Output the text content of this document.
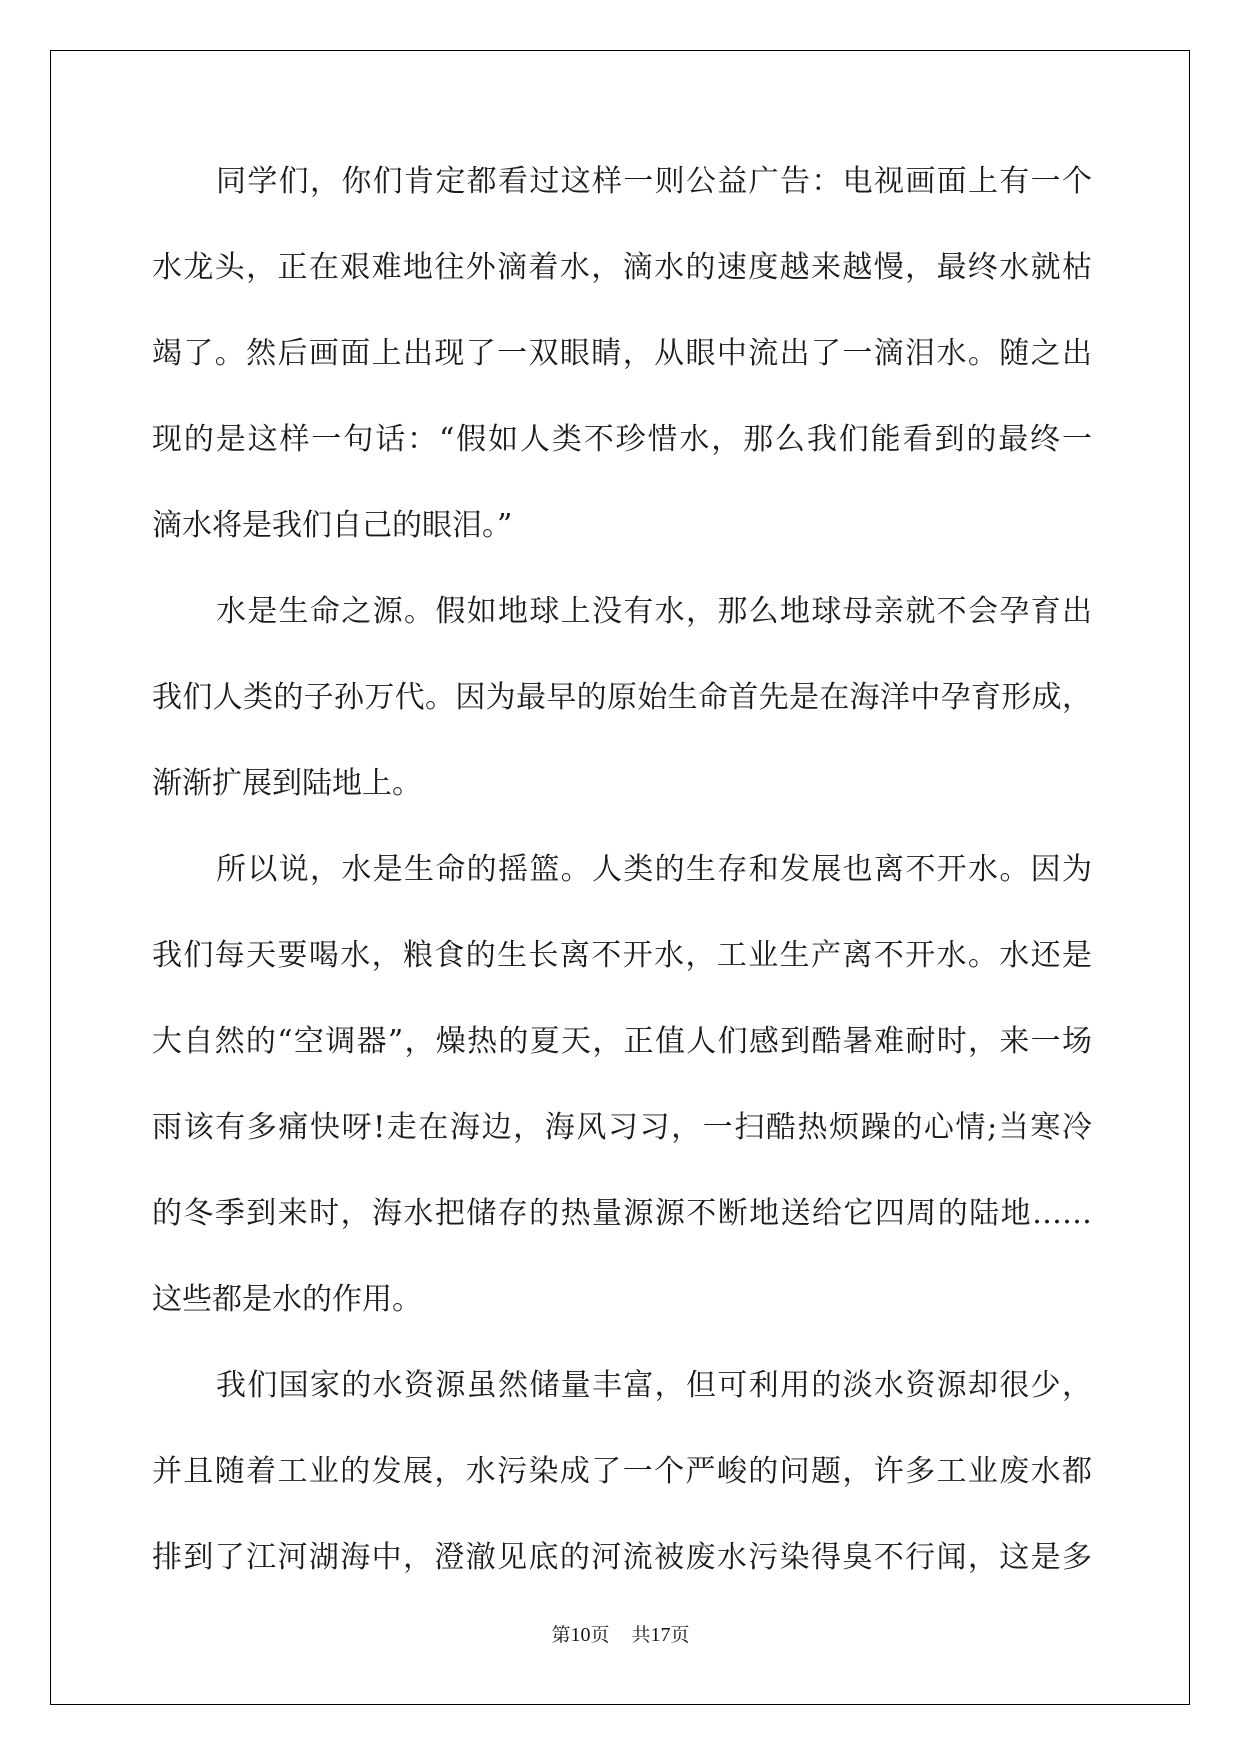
同学们，你们肯定都看过这样一则公益广告：电视画面上有一个
水龙头，正在艰难地往外滴着水，滴水的速度越来越慢，最终水就枯
竭了。然后画面上出现了一双眼睛，从眼中流出了一滴泪水。随之出
现的是这样一句话：“假如人类不珍惜水，那么我们能看到的最终一
滴水将是我们自己的眼泪。”
水是生命之源。假如地球上没有水，那么地球母亲就不会孕育出
我们人类的子孙万代。因为最早的原始生命首先是在海洋中孕育形成，
渐渐扩展到陆地上。
所以说，水是生命的摇篮。人类的生存和发展也离不开水。因为
我们每天要喝水，粮食的生长离不开水，工业生产离不开水。水还是
大自然的“空调器”，燥热的夏天，正值人们感到酷暑难耐时，来一场
雨该有多痛快呀!走在海边，海风习习，一扫酷热烦躁的心情;当寒冷
的冬季到来时，海水把储存的热量源源不断地送给它四周的陆地……
这些都是水的作用。
我们国家的水资源虽然储量丰富，但可利用的淡水资源却很少，
并且随着工业的发展，水污染成了一个严峻的问题，许多工业废水都
排到了江河湖海中，澄澈见底的河流被废水污染得臭不行闻，这是多
第10页 共17页
